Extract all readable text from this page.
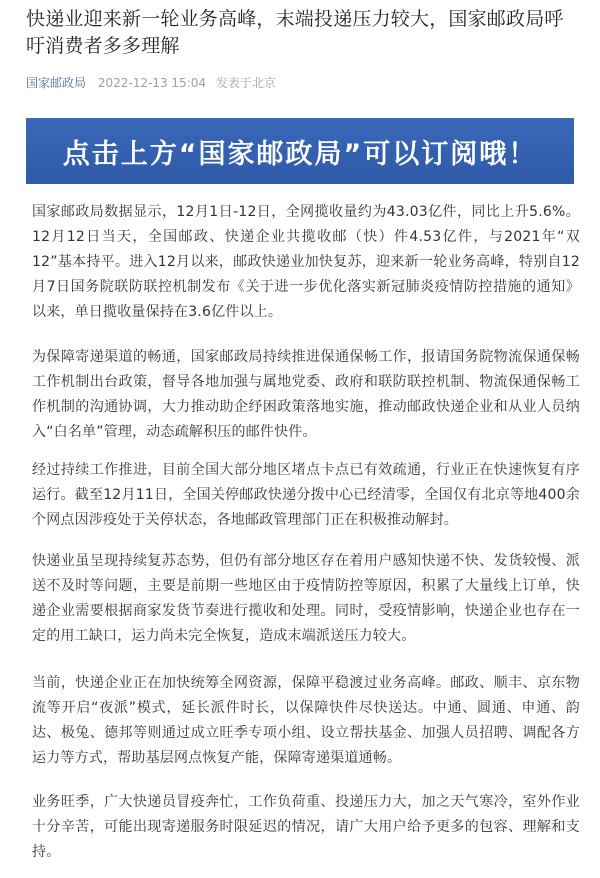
快递业迎来新一轮业务高峰，末端投递压力较大，国家邮政局呼吁消费者多多理解
国家邮政局 2022-12-13 15:04 发表于北京
点击上方“国家邮政局”可以订阅哦！

国家邮政局数据显示，12月1日-12日，全网揽收量约为43.03亿件，同比上升5.6%。12月12日当天，全国邮政、快递企业共揽收邮（快）件4.53亿件，与2021年“双12”基本持平。进入12月以来，邮政快递业加快复苏，迎来新一轮业务高峰，特别自12月7日国务院联防联控机制发布《关于进一步优化落实新冠肺炎疫情防控措施的通知》以来，单日揽收量保持在3.6亿件以上。

为保障寄递渠道的畅通，国家邮政局持续推进保通保畅工作，报请国务院物流保通保畅工作机制出台政策，督导各地加强与属地党委、政府和联防联控机制、物流保通保畅工作机制的沟通协调，大力推动助企纾困政策落地实施，推动邮政快递企业和从业人员纳入“白名单”管理，动态疏解积压的邮件快件。

经过持续工作推进，目前全国大部分地区堵点卡点已有效疏通，行业正在快速恢复有序运行。截至12月11日，全国关停邮政快递分拨中心已经清零，全国仅有北京等地400余个网点因涉疫处于关停状态，各地邮政管理部门正在积极推动解封。

快递业虽呈现持续复苏态势，但仍有部分地区存在着用户感知快递不快、发货较慢、派送不及时等问题，主要是前期一些地区由于疫情防控等原因，积累了大量线上订单，快递企业需要根据商家发货节奏进行揽收和处理。同时，受疫情影响，快递企业也存在一定的用工缺口，运力尚未完全恢复，造成末端派送压力较大。

当前，快递企业正在加快统筹全网资源，保障平稳渡过业务高峰。邮政、顺丰、京东物流等开启“夜派”模式，延长派件时长，以保障快件尽快送达。中通、圆通、申通、韵达、极兔、德邦等则通过成立旺季专项小组、设立帮扶基金、加强人员招聘、调配各方运力等方式，帮助基层网点恢复产能，保障寄递渠道通畅。

业务旺季，广大快递员冒疫奔忙，工作负荷重、投递压力大，加之天气寒冷，室外作业十分辛苦，可能出现寄递服务时限延迟的情况，请广大用户给予更多的包容、理解和支持。
